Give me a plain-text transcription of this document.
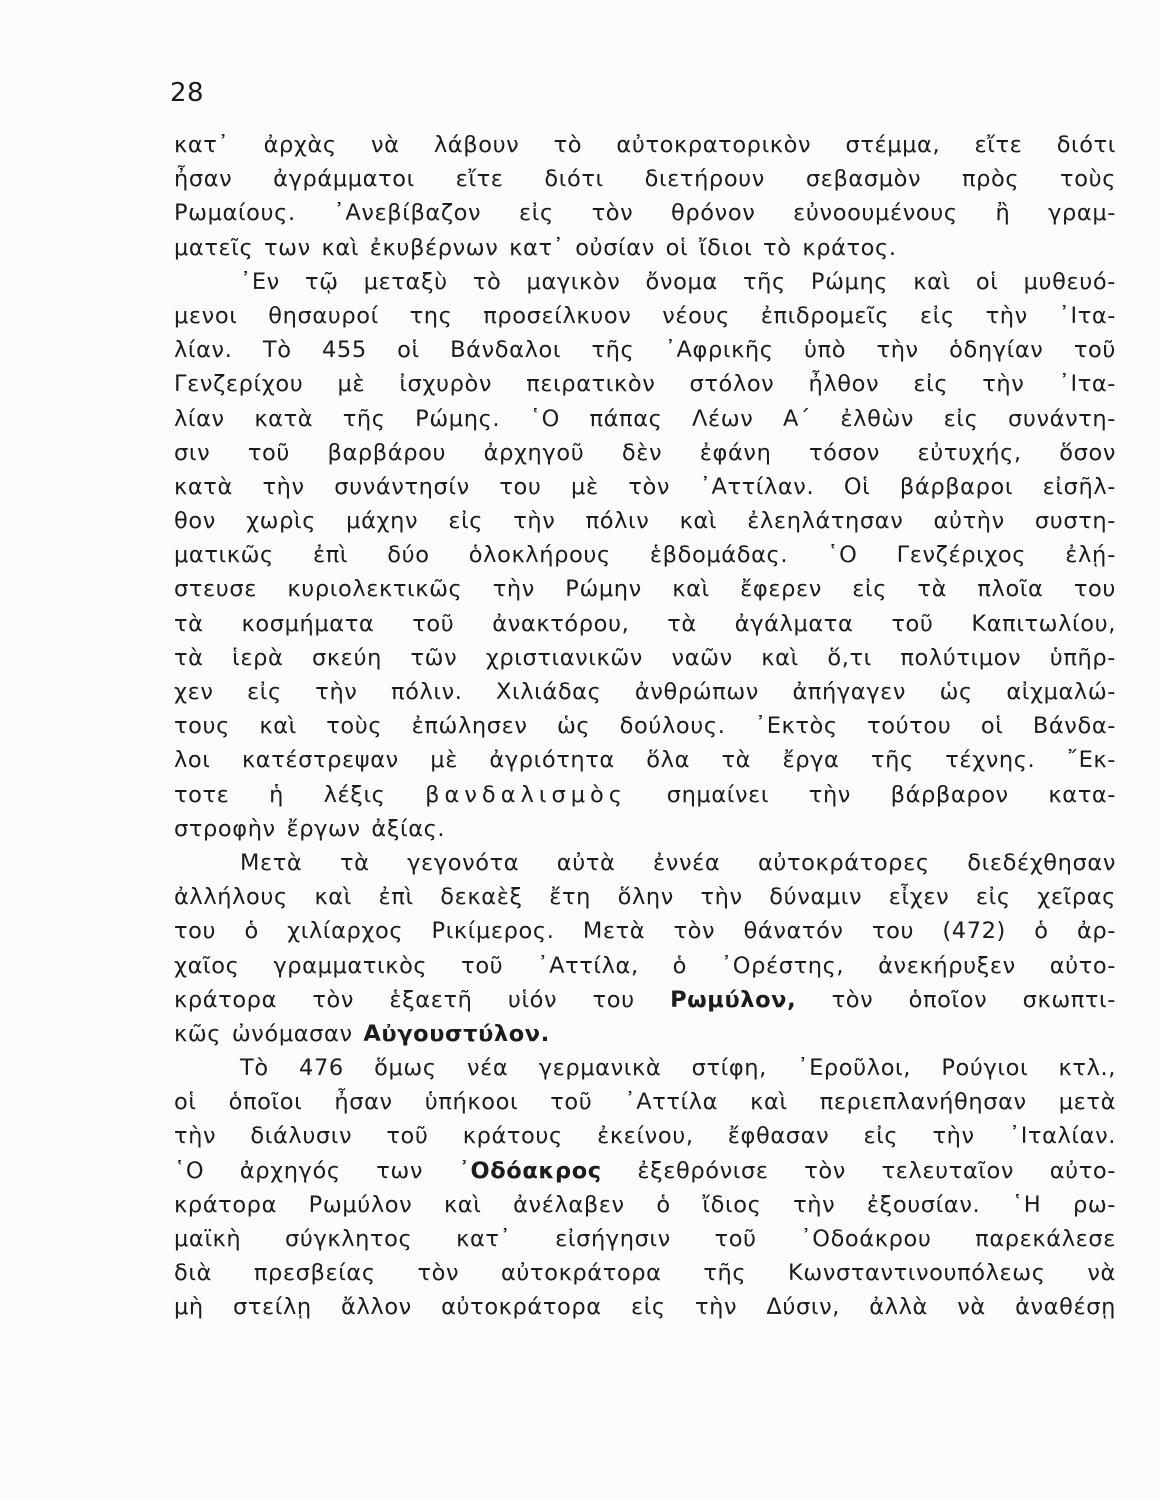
28
κατ᾿ ἀρχὰς νὰ λάβουν τὸ αὐτοκρατορικὸν στέμμα, εἴτε διότι
ἦσαν ἀγράμματοι εἴτε διότι διετήρουν σεβασμὸν πρὸς τοὺς
Ρωμαίους. ᾿Ανεβίβαζον εἰς τὸν θρόνον εὐνοουμένους ἢ γραμ-
ματεῖς των καὶ ἐκυβέρνων κατ᾿ οὐσίαν οἱ ἴδιοι τὸ κράτος.
᾿Εν τῷ μεταξὺ τὸ μαγικὸν ὄνομα τῆς Ρώμης καὶ οἱ μυθευό-
μενοι θησαυροί της προσείλκυον νέους ἐπιδρομεῖς εἰς τὴν ᾿Ιτα-
λίαν. Τὸ 455 οἱ Βάνδαλοι τῆς ᾿Αφρικῆς ὑπὸ τὴν ὁδηγίαν τοῦ
Γενζερίχου μὲ ἰσχυρὸν πειρατικὸν στόλον ἦλθον εἰς τὴν ᾿Ιτα-
λίαν κατὰ τῆς Ρώμης. ῾Ο πάπας Λέων Α΄ ἐλθὼν εἰς συνάντη-
σιν τοῦ βαρβάρου ἀρχηγοῦ δὲν ἐφάνη τόσον εὐτυχής, ὅσον
κατὰ τὴν συνάντησίν του μὲ τὸν ᾿Αττίλαν. Οἱ βάρβαροι εἰσῆλ-
θον χωρὶς μάχην εἰς τὴν πόλιν καὶ ἐλεηλάτησαν αὐτὴν συστη-
ματικῶς ἐπὶ δύο ὁλοκλήρους ἑβδομάδας. ῾Ο Γενζέριχος ἐλῄ-
στευσε κυριολεκτικῶς τὴν Ρώμην καὶ ἔφερεν εἰς τὰ πλοῖα του
τὰ κοσμήματα τοῦ ἀνακτόρου, τὰ ἀγάλματα τοῦ Καπιτωλίου,
τὰ ἱερὰ σκεύη τῶν χριστιανικῶν ναῶν καὶ ὅ,τι πολύτιμον ὑπῆρ-
χεν εἰς τὴν πόλιν. Χιλιάδας ἀνθρώπων ἀπήγαγεν ὡς αἰχμαλώ-
τους καὶ τοὺς ἐπώλησεν ὡς δούλους. ᾿Εκτὸς τούτου οἱ Βάνδα-
λοι κατέστρεψαν μὲ ἀγριότητα ὅλα τὰ ἔργα τῆς τέχνης. ῎Εκ-
τοτε ἡ λέξις βανδαλισμὸς σημαίνει τὴν βάρβαρον κατα-
στροφὴν ἔργων ἀξίας.
Μετὰ τὰ γεγονότα αὐτὰ ἐννέα αὐτοκράτορες διεδέχθησαν
ἀλλήλους καὶ ἐπὶ δεκαὲξ ἔτη ὅλην τὴν δύναμιν εἶχεν εἰς χεῖρας
του ὁ χιλίαρχος Ρικίμερος. Μετὰ τὸν θάνατόν του (472) ὁ ἀρ-
χαῖος γραμματικὸς τοῦ ᾿Αττίλα, ὁ ᾿Ορέστης, ἀνεκήρυξεν αὐτο-
κράτορα τὸν ἑξαετῆ υἱόν του Ρωμύλον, τὸν ὁποῖον σκωπτι-
κῶς ὠνόμασαν Αὐγουστύλον.
Τὸ 476 ὅμως νέα γερμανικὰ στίφη, ᾿Εροῦλοι, Ρούγιοι κτλ.,
οἱ ὁποῖοι ἦσαν ὑπήκοοι τοῦ ᾿Αττίλα καὶ περιεπλανήθησαν μετὰ
τὴν διάλυσιν τοῦ κράτους ἐκείνου, ἔφθασαν εἰς τὴν ᾿Ιταλίαν.
῾Ο ἀρχηγός των ᾿Οδόακρος ἐξεθρόνισε τὸν τελευταῖον αὐτο-
κράτορα Ρωμύλον καὶ ἀνέλαβεν ὁ ἴδιος τὴν ἐξουσίαν. ῾Η ρω-
μαϊκὴ σύγκλητος κατ᾿ εἰσήγησιν τοῦ ᾿Οδοάκρου παρεκάλεσε
διὰ πρεσβείας τὸν αὐτοκράτορα τῆς Κωνσταντινουπόλεως νὰ
μὴ στείλῃ ἄλλον αὐτοκράτορα εἰς τὴν Δύσιν, ἀλλὰ νὰ ἀναθέσῃ
